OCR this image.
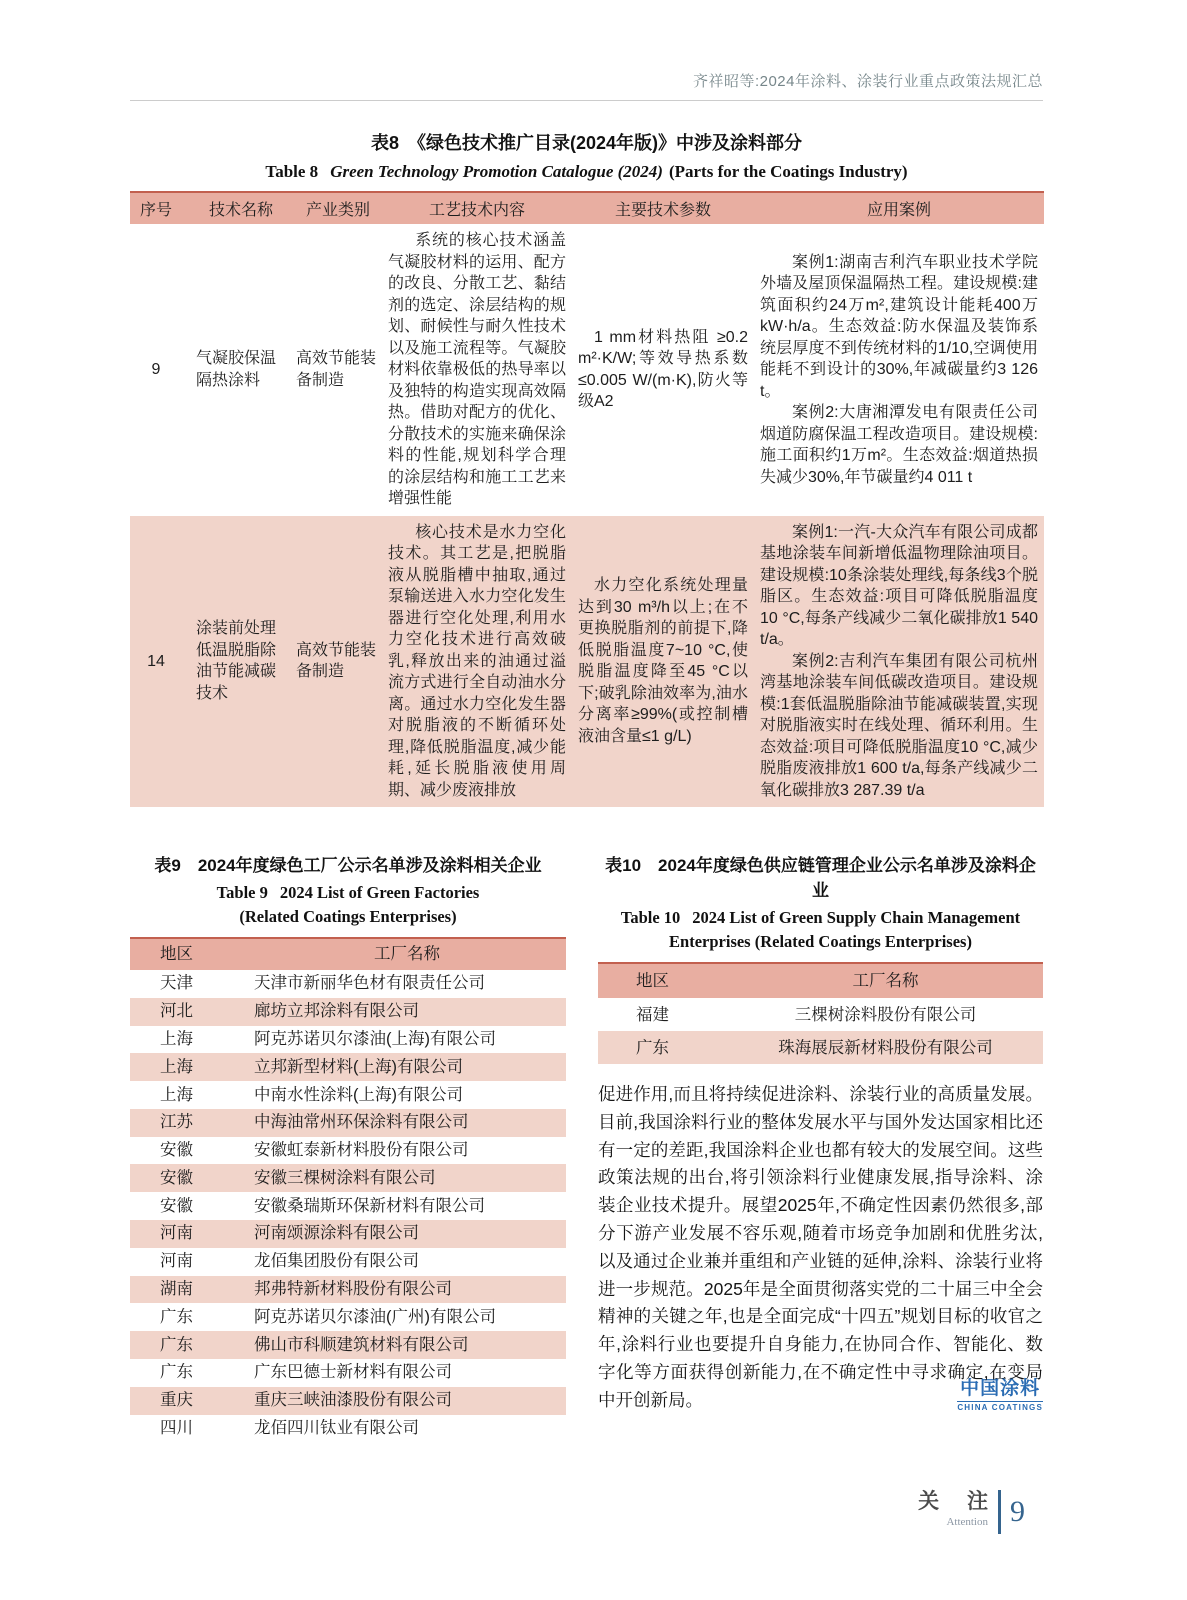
齐祥昭等:2024年涂料、涂装行业重点政策法规汇总
表8　《绿色技术推广目录(2024年版)》中涉及涂料部分
Table 8 Green Technology Promotion Catalogue (2024) (Parts for the Coatings Industry)
序号	技术名称	产业类别	工艺技术内容	主要技术参数	应用案例
9	气凝胶保温隔热涂料	高效节能装备制造	系统的核心技术涵盖气凝胶材料的运用、配方的改良、分散工艺、黏结剂的选定、涂层结构的规划、耐候性与耐久性技术以及施工流程等。气凝胶材料依靠极低的热导率以及独特的构造实现高效隔热。借助对配方的优化、分散技术的实施来确保涂料的性能,规划科学合理的涂层结构和施工工艺来增强性能	1 mm材料热阻 ≥0.2 m²·K/W;等效导热系数≤0.005 W/(m·K),防火等级A2	案例1:湖南吉利汽车职业技术学院外墙及屋顶保温隔热工程。建设规模:建筑面积约24万m²,建筑设计能耗400万kW·h/a。生态效益:防水保温及装饰系统层厚度不到传统材料的1/10,空调使用能耗不到设计的30%,年减碳量约3 126 t。

案例2:大唐湘潭发电有限责任公司烟道防腐保温工程改造项目。建设规模:施工面积约1万m²。生态效益:烟道热损失减少30%,年节碳量约4 011 t

14	涂装前处理低温脱脂除油节能减碳技术	高效节能装备制造	核心技术是水力空化技术。其工艺是,把脱脂液从脱脂槽中抽取,通过泵输送进入水力空化发生器进行空化处理,利用水力空化技术进行高效破乳,释放出来的油通过溢流方式进行全自动油水分离。通过水力空化发生器对脱脂液的不断循环处理,降低脱脂温度,减少能耗,延长脱脂液使用周期、减少废液排放	水力空化系统处理量达到30 m³/h以上;在不更换脱脂剂的前提下,降低脱脂温度7~10 °C,使脱脂温度降至45 °C以下;破乳除油效率为,油水分离率≥99%(或控制槽液油含量≤1 g/L)	案例1:一汽-大众汽车有限公司成都基地涂装车间新增低温物理除油项目。建设规模:10条涂装处理线,每条线3个脱脂区。生态效益:项目可降低脱脂温度10 °C,每条产线减少二氧化碳排放1 540 t/a。

案例2:吉利汽车集团有限公司杭州湾基地涂装车间低碳改造项目。建设规模:1套低温脱脂除油节能减碳装置,实现对脱脂液实时在线处理、循环利用。生态效益:项目可降低脱脂温度10 °C,减少脱脂废液排放1 600 t/a,每条产线减少二氧化碳排放3 287.39 t/a

表9　2024年度绿色工厂公示名单涉及涂料相关企业
Table 9 2024 List of Green Factories
(Related Coatings Enterprises)
地区	工厂名称
天津	天津市新丽华色材有限责任公司
河北	廊坊立邦涂料有限公司
上海	阿克苏诺贝尔漆油(上海)有限公司
上海	立邦新型材料(上海)有限公司
上海	中南水性涂料(上海)有限公司
江苏	中海油常州环保涂料有限公司
安徽	安徽虹泰新材料股份有限公司
安徽	安徽三棵树涂料有限公司
安徽	安徽桑瑞斯环保新材料有限公司
河南	河南颂源涂料有限公司
河南	龙佰集团股份有限公司
湖南	邦弗特新材料股份有限公司
广东	阿克苏诺贝尔漆油(广州)有限公司
广东	佛山市科顺建筑材料有限公司
广东	广东巴德士新材料有限公司
重庆	重庆三峡油漆股份有限公司
四川	龙佰四川钛业有限公司
表10　2024年度绿色供应链管理企业公示名单涉及涂料企业
Table 10 2024 List of Green Supply Chain Management Enterprises (Related Coatings Enterprises)
地区	工厂名称
福建	三棵树涂料股份有限公司
广东	珠海展辰新材料股份有限公司

促进作用,而且将持续促进涂料、涂装行业的高质量发展。目前,我国涂料行业的整体发展水平与国外发达国家相比还有一定的差距,我国涂料企业也都有较大的发展空间。这些政策法规的出台,将引领涂料行业健康发展,指导涂料、涂装企业技术提升。展望2025年,不确定性因素仍然很多,部分下游产业发展不容乐观,随着市场竞争加剧和优胜劣汰,以及通过企业兼并重组和产业链的延伸,涂料、涂装行业将进一步规范。2025年是全面贯彻落实党的二十届三中全会精神的关键之年,也是全面完成“十四五”规划目标的收官之年,涂料行业也要提升自身能力,在协同合作、智能化、数字化等方面获得创新能力,在不确定性中寻求确定,在变局中开创新局。

中国涂料
CHINA COATINGS
关 注
Attention 9
